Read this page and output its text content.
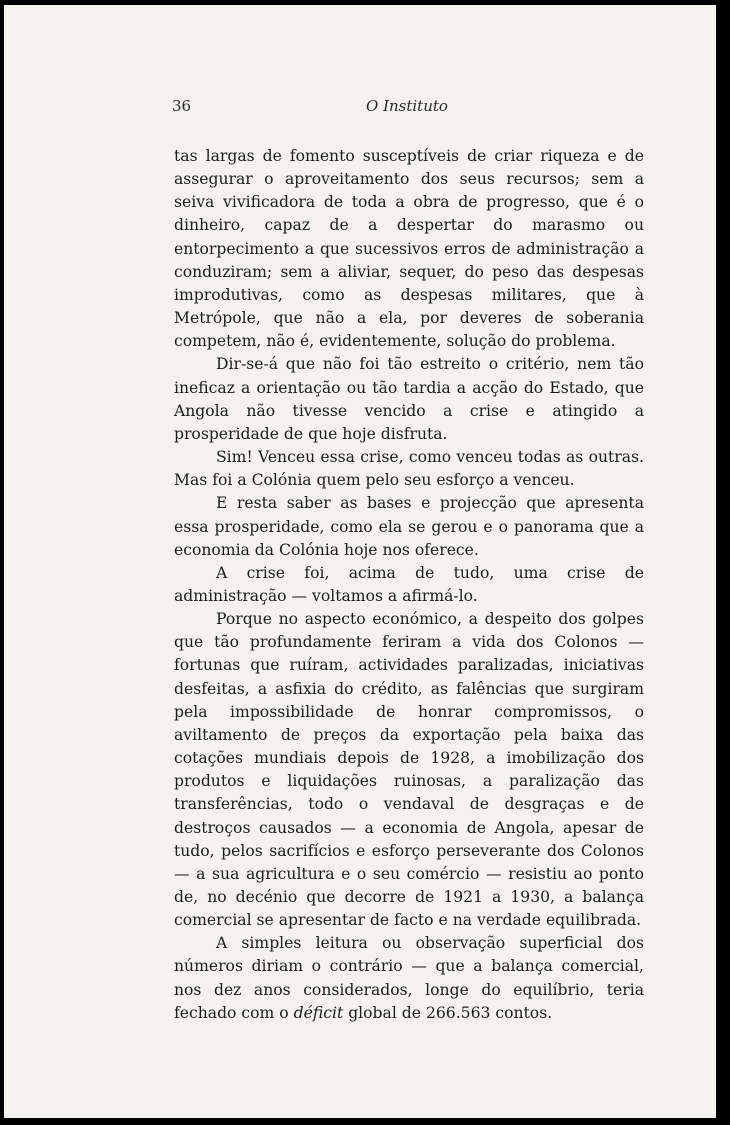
36	O Instituto

tas largas de fomento susceptíveis de criar riqueza e de assegurar o aproveitamento dos seus recursos; sem a seiva vivificadora de toda a obra de progresso, que é o dinheiro, capaz de a despertar do marasmo ou entorpecimento a que sucessivos erros de administração a conduziram; sem a aliviar, sequer, do peso das despesas improdutivas, como as despesas militares, que à Metrópole, que não a ela, por deveres de soberania competem, não é, evidentemente, solução do problema.

Dir-se-á que não foi tão estreito o critério, nem tão ineficaz a orientação ou tão tardia a acção do Estado, que Angola não tivesse vencido a crise e atingido a prosperidade de que hoje disfruta.

Sim! Venceu essa crise, como venceu todas as outras. Mas foi a Colónia quem pelo seu esforço a venceu.

E resta saber as bases e projecção que apresenta essa prosperidade, como ela se gerou e o panorama que a economia da Colónia hoje nos oferece.

A crise foi, acima de tudo, uma crise de administração — voltamos a afirmá-lo.

Porque no aspecto económico, a despeito dos golpes que tão profundamente feriram a vida dos Colonos — fortunas que ruíram, actividades paralizadas, iniciativas desfeitas, a asfixia do crédito, as falências que surgiram pela impossibilidade de honrar compromissos, o aviltamento de preços da exportação pela baixa das cotações mundiais depois de 1928, a imobilização dos produtos e liquidações ruinosas, a paralização das transferências, todo o vendaval de desgraças e de destroços causados — a economia de Angola, apesar de tudo, pelos sacrifícios e esforço perseverante dos Colonos — a sua agricultura e o seu comércio — resistiu ao ponto de, no decénio que decorre de 1921 a 1930, a balança comercial se apresentar de facto e na verdade equilibrada.

A simples leitura ou observação superficial dos números diriam o contrário — que a balança comercial, nos dez anos considerados, longe do equilíbrio, teria fechado com o déficit global de 266.563 contos.
